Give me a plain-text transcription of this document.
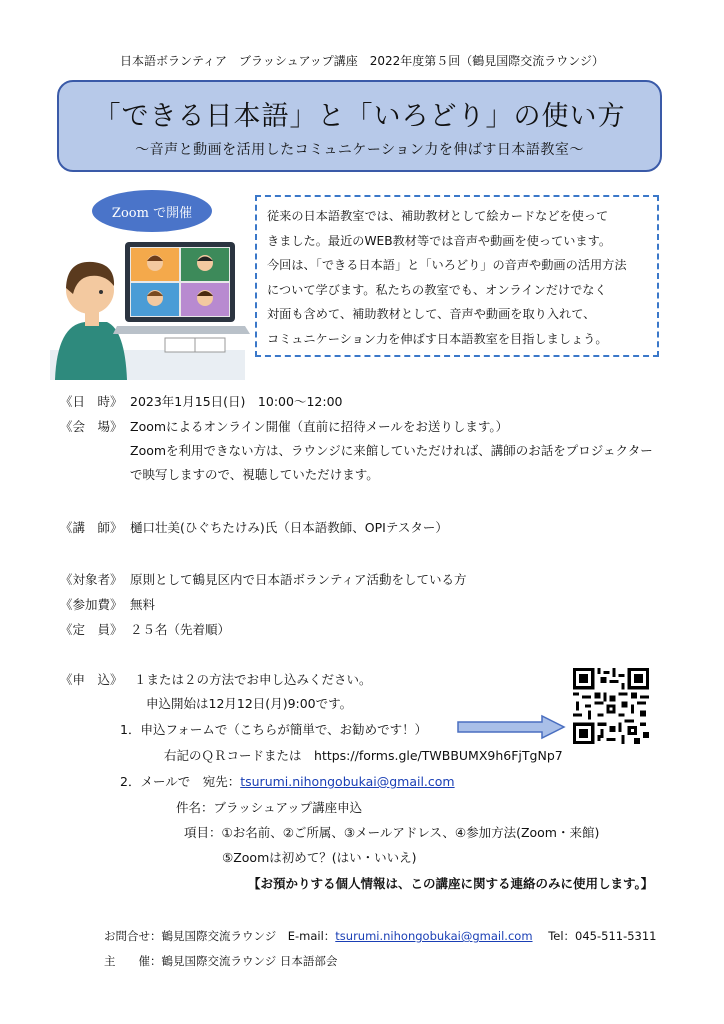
日本語ボランティア　ブラッシュアップ講座　2022年度第５回（鶴見国際交流ラウンジ）
「できる日本語」と「いろどり」の使い方
～音声と動画を活用したコミュニケーション力を伸ばす日本語教室～
Zoom で開催	従来の日本語教室では、補助教材として絵カードなどを使って
きました。最近のWEB教材等では音声や動画を使っています。
今回は、「できる日本語」と「いろどり」の音声や動画の活用方法
について学びます。私たちの教室でも、オンラインだけでなく
対面も含めて、補助教材として、音声や動画を取り入れて、
コミュニケーション力を伸ばす日本語教室を目指しましょう。
《日　時》 2023年1月15日(日)　10:00～12:00
《会　場》 Zoomによるオンライン開催（直前に招待メールをお送りします。）
Zoomを利用できない方は、ラウンジに来館していただければ、講師のお話をプロジェクター
で映写しますので、視聴していただけます。
《講　師》 樋口壮美(ひぐちたけみ)氏（日本語教師、OPIテスター）
《対象者》 原則として鶴見区内で日本語ボランティア活動をしている方
《参加費》 無料
《定　員》 ２５名（先着順）
《申　込》 １または２の方法でお申し込みください。
申込開始は12月12日(月)9:00です。
1．申込フォームで（こちらが簡単で、お勧めです！）
右記のＱＲコードまたは　https://forms.gle/TWBBUMX9h6FjTgNp7
2．メールで　宛先：tsurumi.nihongobukai@gmail.com
件名：ブラッシュアップ講座申込
項目：①お名前、②ご所属、③メールアドレス、④参加方法(Zoom・来館)
⑤Zoomは初めて？(はい・いいえ)
【お預かりする個人情報は、この講座に関する連絡のみに使用します。】
お問合せ：鶴見国際交流ラウンジ　E-mail：tsurumi.nihongobukai@gmail.com Tel：045-511-5311
主　　催：鶴見国際交流ラウンジ 日本語部会
